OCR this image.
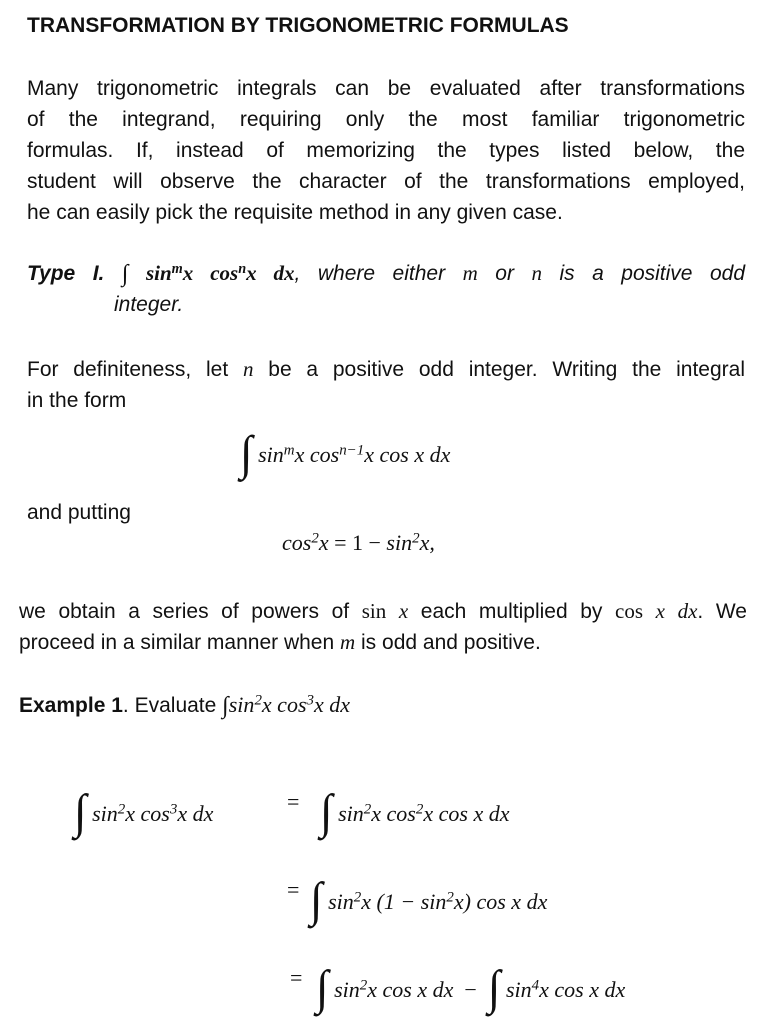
TRANSFORMATION BY TRIGONOMETRIC FORMULAS
Many trigonometric integrals can be evaluated after transformations
of the integrand, requiring only the most familiar trigonometric
formulas. If, instead of memorizing the types listed below, the
student will observe the character of the transformations employed,
he can easily pick the requisite method in any given case.
Type I. ∫ $\sin^mx$ $\cos^nx$ dx, where either m or n is a positive odd
integer.
For definiteness, let n be a positive odd integer. Writing the integral
in the form
∫ $\sin^mx$ $\cos^{n-1}x$ cos x dx
and putting
$\cos^2x = 1 - \sin^2x$,
we obtain a series of powers of sin x each multiplied by cos x dx. We
proceed in a similar manner when m is odd and positive.
Example 1. Evaluate $\int\sin^2x$ $\cos^3x$ dx
∫ $\sin^2x$ $\cos^3x$ dx	= ∫ $\sin^2x$ $\cos^2x$ cos x dx
= ∫ $\sin^2x$ $(1 - \sin^2x)$ cos x dx
= ∫ $\sin^2x$ cos x dx − ∫ $\sin^4x$ cos x dx
